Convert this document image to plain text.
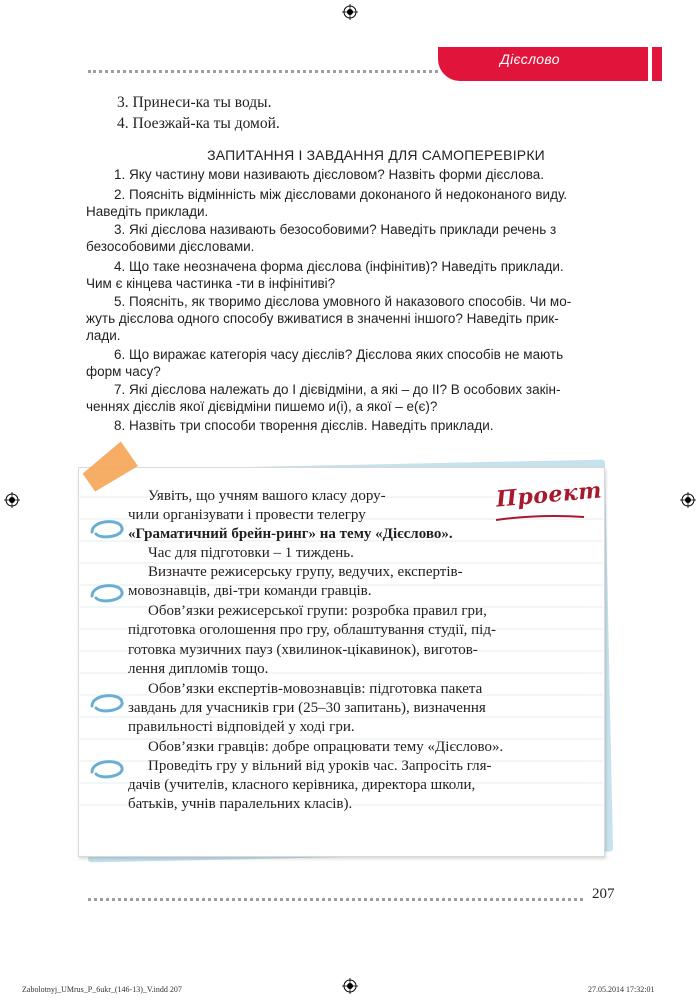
Дієслово
3. Принеси-ка ты воды.
4. Поезжай-ка ты домой.
ЗАПИТАННЯ І ЗАВДАННЯ ДЛЯ САМОПЕРЕВІРКИ
1. Яку частину мови називають дієсловом? Назвіть форми дієслова.
2. Поясніть відмінність між дієсловами доконаного й недоконаного виду.
Наведіть приклади.
3. Які дієслова називають безособовими? Наведіть приклади речень з
безособовими дієсловами.
4. Що таке неозначена форма дієслова (інфінітив)? Наведіть приклади.
Чим є кінцева частинка -ти в інфінітиві?
5. Поясніть, як творимо дієслова умовного й наказового способів. Чи мо-
жуть дієслова одного способу вживатися в значенні іншого? Наведіть прик-
лади.
6. Що виражає категорія часу дієслів? Дієслова яких способів не мають
форм часу?
7. Які дієслова належать до I дієвідміни, а які – до II? В особових закін-
ченнях дієслів якої дієвідміни пишемо и(і), а якої – е(є)?
8. Назвіть три способи творення дієслів. Наведіть приклади.
Проект
Уявіть, що учням вашого класу дору-
чили організувати і провести телегру
«Граматичний брейн-ринг» на тему «Дієслово».
Час для підготовки – 1 тиждень.
Визначте режисерську групу, ведучих, експертів-
мовознавців, дві-три команди гравців.
Обов’язки режисерської групи: розробка правил гри,
підготовка оголошення про гру, облаштування студії, під-
готовка музичних пауз (хвилинок-цікавинок), виготов-
лення дипломів тощо.
Обов’язки експертів-мовознавців: підготовка пакета
завдань для учасників гри (25–30 запитань), визначення
правильності відповідей у ході гри.
Обов’язки гравців: добре опрацювати тему «Дієслово».
Проведіть гру у вільний від уроків час. Запросіть гля-
дачів (учителів, класного керівника, директора школи,
батьків, учнів паралельних класів).
207
Zabolotnyj_UMrus_P_6ukr_(146-13)_V.indd 207	27.05.2014 17:32:01
